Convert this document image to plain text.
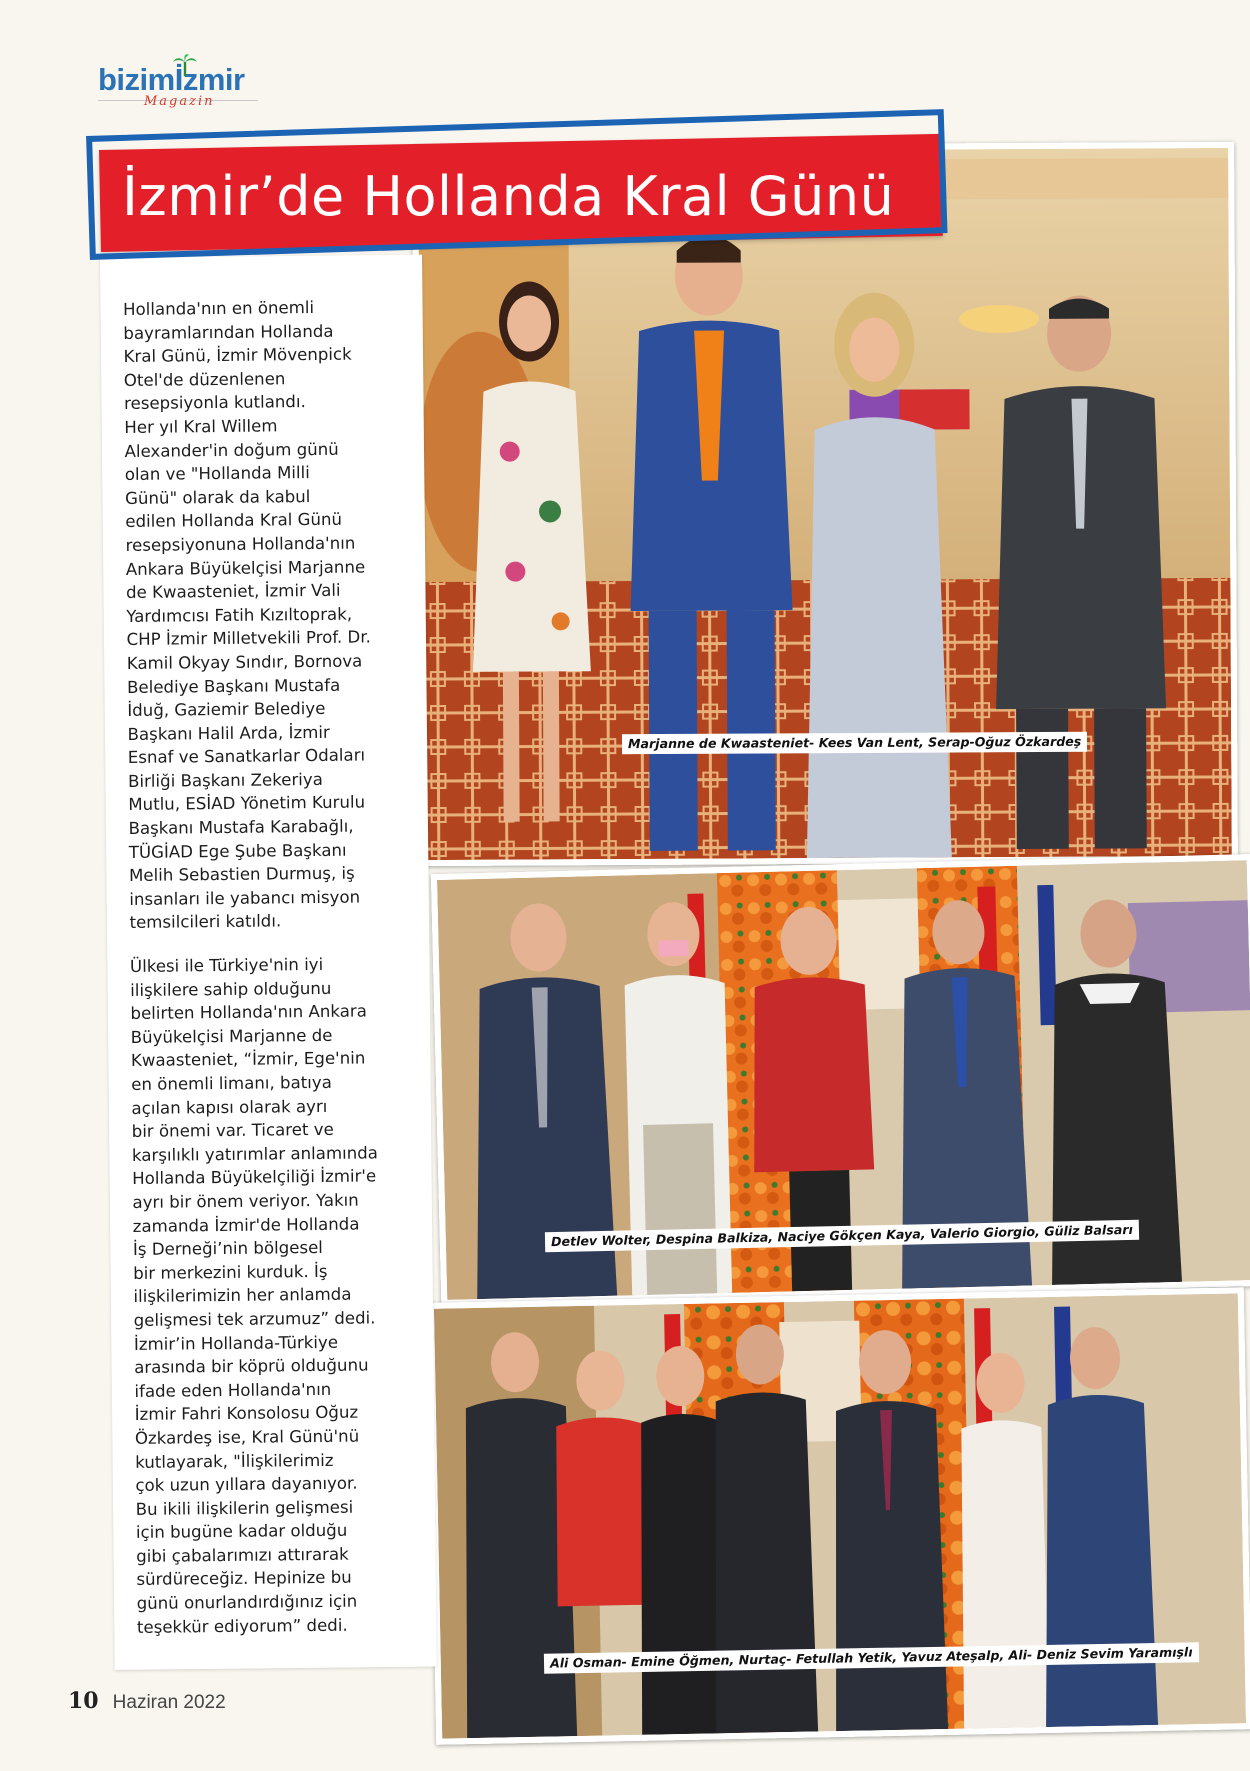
bizimİzmir
Magazin
Marjanne de Kwaasteniet- Kees Van Lent, Serap-Oğuz Özkardeş
Detlev Wolter, Despina Balkiza, Naciye Gökçen Kaya, Valerio Giorgio, Güliz Balsarı
Ali Osman- Emine Öğmen, Nurtaç- Fetullah Yetik, Yavuz Ateşalp, Ali- Deniz Sevim Yaramışlı

Hollanda'nın en önemli
bayramlarından Hollanda
Kral Günü, İzmir Mövenpick
Otel'de düzenlenen
resepsiyonla kutlandı.
Her yıl Kral Willem
Alexander'in doğum günü
olan ve "Hollanda Milli
Günü" olarak da kabul
edilen Hollanda Kral Günü
resepsiyonuna Hollanda'nın
Ankara Büyükelçisi Marjanne
de Kwaasteniet, İzmir Vali
Yardımcısı Fatih Kızıltoprak,
CHP İzmir Milletvekili Prof. Dr.
Kamil Okyay Sındır, Bornova
Belediye Başkanı Mustafa
İduğ, Gaziemir Belediye
Başkanı Halil Arda, İzmir
Esnaf ve Sanatkarlar Odaları
Birliği Başkanı Zekeriya
Mutlu, ESİAD Yönetim Kurulu
Başkanı Mustafa Karabağlı,
TÜGİAD Ege Şube Başkanı
Melih Sebastien Durmuş, iş
insanları ile yabancı misyon
temsilcileri katıldı.

Ülkesi ile Türkiye'nin iyi
ilişkilere sahip olduğunu
belirten Hollanda'nın Ankara
Büyükelçisi Marjanne de
Kwaasteniet, “İzmir, Ege'nin
en önemli limanı, batıya
açılan kapısı olarak ayrı
bir önemi var. Ticaret ve
karşılıklı yatırımlar anlamında
Hollanda Büyükelçiliği İzmir'e
ayrı bir önem veriyor. Yakın
zamanda İzmir'de Hollanda
İş Derneği’nin bölgesel
bir merkezini kurduk. İş
ilişkilerimizin her anlamda
gelişmesi tek arzumuz” dedi.
İzmir’in Hollanda-Türkiye
arasında bir köprü olduğunu
ifade eden Hollanda'nın
İzmir Fahri Konsolosu Oğuz
Özkardeş ise, Kral Günü'nü
kutlayarak, "İlişkilerimiz
çok uzun yıllara dayanıyor.
Bu ikili ilişkilerin gelişmesi
için bugüne kadar olduğu
gibi çabalarımızı attırarak
sürdüreceğiz. Hepinize bu
günü onurlandırdığınız için
teşekkür ediyorum” dedi.

İzmir’de Hollanda Kral Günü
10 Haziran 2022
